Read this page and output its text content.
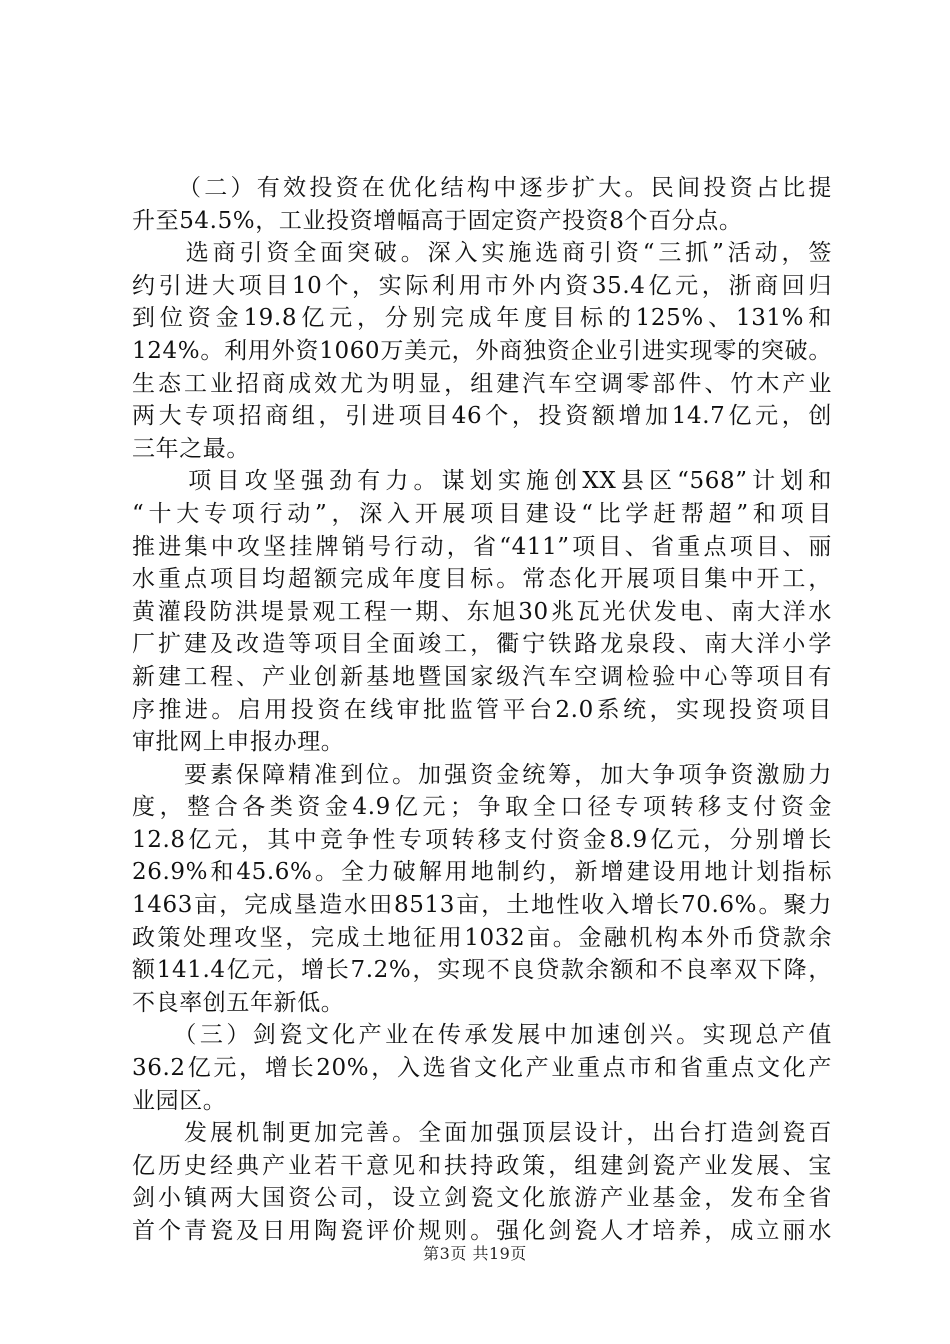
（二）有效投资在优化结构中逐步扩大。民间投资占比提
升至54.5%，工业投资增幅高于固定资产投资8个百分点。
　　选商引资全面突破。深入实施选商引资“三抓”活动，签
约引进大项目10个，实际利用市外内资35.4亿元，浙商回归
到位资金19.8亿元，分别完成年度目标的125%、131%和
124%。利用外资1060万美元，外商独资企业引进实现零的突破。
生态工业招商成效尤为明显，组建汽车空调零部件、竹木产业
两大专项招商组，引进项目46个，投资额增加14.7亿元，创
三年之最。
　　项目攻坚强劲有力。谋划实施创XX县区“568”计划和
“十大专项行动”，深入开展项目建设“比学赶帮超”和项目
推进集中攻坚挂牌销号行动，省“411”项目、省重点项目、丽
水重点项目均超额完成年度目标。常态化开展项目集中开工，
黄灌段防洪堤景观工程一期、东旭30兆瓦光伏发电、南大洋水
厂扩建及改造等项目全面竣工，衢宁铁路龙泉段、南大洋小学
新建工程、产业创新基地暨国家级汽车空调检验中心等项目有
序推进。启用投资在线审批监管平台2.0系统，实现投资项目
审批网上申报办理。
　　要素保障精准到位。加强资金统筹，加大争项争资激励力
度，整合各类资金4.9亿元；争取全口径专项转移支付资金
12.8亿元，其中竞争性专项转移支付资金8.9亿元，分别增长
26.9%和45.6%。全力破解用地制约，新增建设用地计划指标
1463亩，完成垦造水田8513亩，土地性收入增长70.6%。聚力
政策处理攻坚，完成土地征用1032亩。金融机构本外币贷款余
额141.4亿元，增长7.2%，实现不良贷款余额和不良率双下降，
不良率创五年新低。
　　（三）剑瓷文化产业在传承发展中加速创兴。实现总产值
36.2亿元，增长20%，入选省文化产业重点市和省重点文化产
业园区。
　　发展机制更加完善。全面加强顶层设计，出台打造剑瓷百
亿历史经典产业若干意见和扶持政策，组建剑瓷产业发展、宝
剑小镇两大国资公司，设立剑瓷文化旅游产业基金，发布全省
首个青瓷及日用陶瓷评价规则。强化剑瓷人才培养，成立丽水
第3页 共19页
